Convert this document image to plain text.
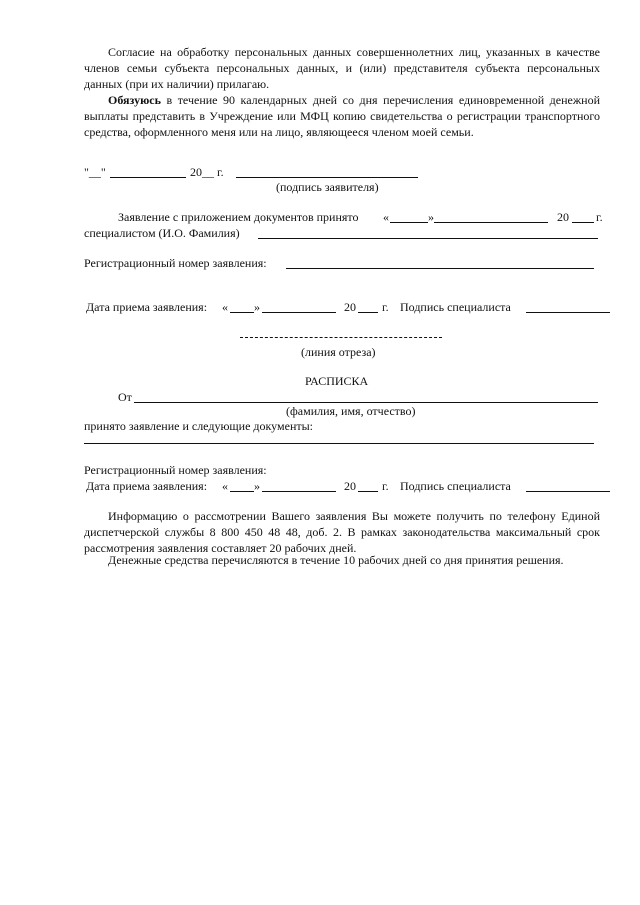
Согласие на обработку персональных данных совершеннолетних лиц, указанных в качестве членов семьи субъекта персональных данных, и (или) представителя субъекта персональных данных (при их наличии) прилагаю.
Обязуюсь в течение 90 календарных дней со дня перечисления единовременной денежной выплаты представить в Учреждение или МФЦ копию свидетельства о регистрации транспортного средства, оформленного меня или на лицо, являющееся членом моей семьи.
"__"	20__ г.
(подпись заявителя)
Заявление с приложением документов принято «	»	20 г.
специалистом (И.О. Фамилия)
Регистрационный номер заявления:
Дата приема заявления: « »	20 г. Подпись специалиста
(линия отреза)
РАСПИСКА
От
(фамилия, имя, отчество)
принято заявление и следующие документы:
Регистрационный номер заявления:
Дата приема заявления: « »	20 г. Подпись специалиста
Информацию о рассмотрении Вашего заявления Вы можете получить по телефону Единой диспетчерской службы 8 800 450 48 48, доб. 2. В рамках законодательства максимальный срок рассмотрения заявления составляет 20 рабочих дней.
Денежные средства перечисляются в течение 10 рабочих дней со дня принятия решения.
